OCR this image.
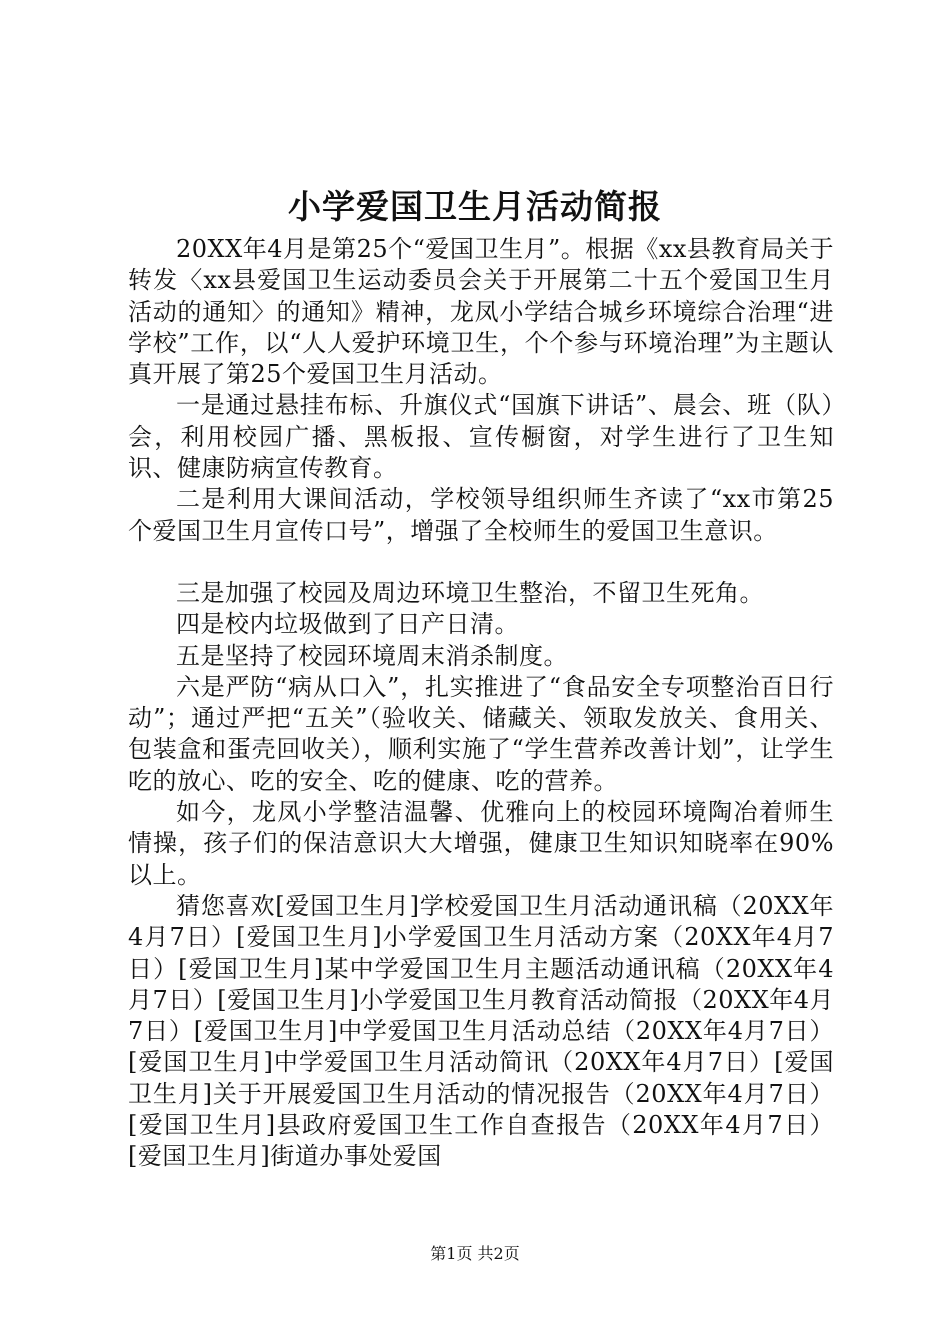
小学爱国卫生月活动简报

20XX年4月是第25个“爱国卫生月”。根据《xx县教育局关于转发〈xx县爱国卫生运动委员会关于开展第二十五个爱国卫生月活动的通知〉的通知》精神，龙凤小学结合城乡环境综合治理“进学校”工作，以“人人爱护环境卫生，个个参与环境治理”为主题认真开展了第25个爱国卫生月活动。

一是通过悬挂布标、升旗仪式“国旗下讲话”、晨会、班（队）会，利用校园广播、黑板报、宣传橱窗，对学生进行了卫生知识、健康防病宣传教育。

二是利用大课间活动，学校领导组织师生齐读了“xx市第25个爱国卫生月宣传口号”，增强了全校师生的爱国卫生意识。

三是加强了校园及周边环境卫生整治，不留卫生死角。

四是校内垃圾做到了日产日清。

五是坚持了校园环境周末消杀制度。

六是严防“病从口入”，扎实推进了“食品安全专项整治百日行动”；通过严把“五关”（验收关、储藏关、领取发放关、食用关、包装盒和蛋壳回收关），顺利实施了“学生营养改善计划”，让学生吃的放心、吃的安全、吃的健康、吃的营养。

如今，龙凤小学整洁温馨、优雅向上的校园环境陶冶着师生情操，孩子们的保洁意识大大增强，健康卫生知识知晓率在90%以上。

猜您喜欢[爱国卫生月]学校爱国卫生月活动通讯稿（20XX年4月7日）[爱国卫生月]小学爱国卫生月活动方案（20XX年4月7日）[爱国卫生月]某中学爱国卫生月主题活动通讯稿（20XX年4月7日）[爱国卫生月]小学爱国卫生月教育活动简报（20XX年4月7日）[爱国卫生月]中学爱国卫生月活动总结（20XX年4月7日）[爱国卫生月]中学爱国卫生月活动简讯（20XX年4月7日）[爱国卫生月]关于开展爱国卫生月活动的情况报告（20XX年4月7日）[爱国卫生月]县政府爱国卫生工作自查报告（20XX年4月7日）[爱国卫生月]街道办事处爱国

第1页 共2页
